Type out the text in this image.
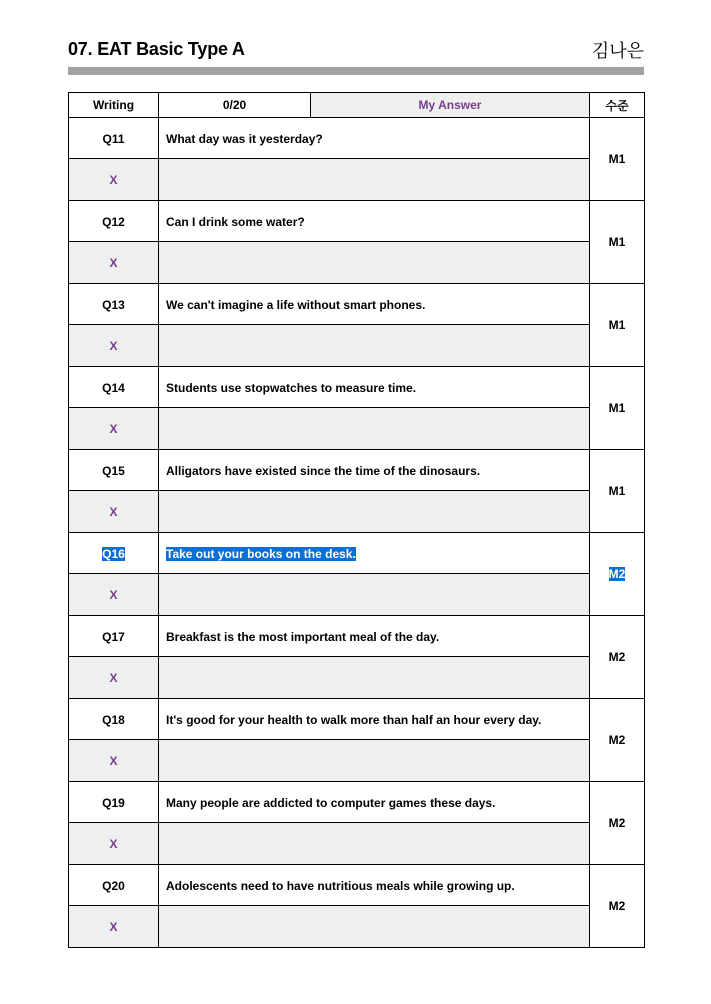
07. EAT Basic Type A	김나은
Writing	0/20	My Answer	수준
Q11	What day was it yesterday?		M1
X			
Q12	Can I drink some water?		M1
X			
Q13	We can't imagine a life without smart phones.		M1
X			
Q14	Students use stopwatches to measure time.		M1
X			
Q15	Alligators have existed since the time of the dinosaurs.		M1
X			
Q16	Take out your books on the desk.		M2
X			
Q17	Breakfast is the most important meal of the day.		M2
X			
Q18	It's good for your health to walk more than half an hour every day.		M2
X			
Q19	Many people are addicted to computer games these days.		M2
X			
Q20	Adolescents need to have nutritious meals while growing up.		M2
X			
